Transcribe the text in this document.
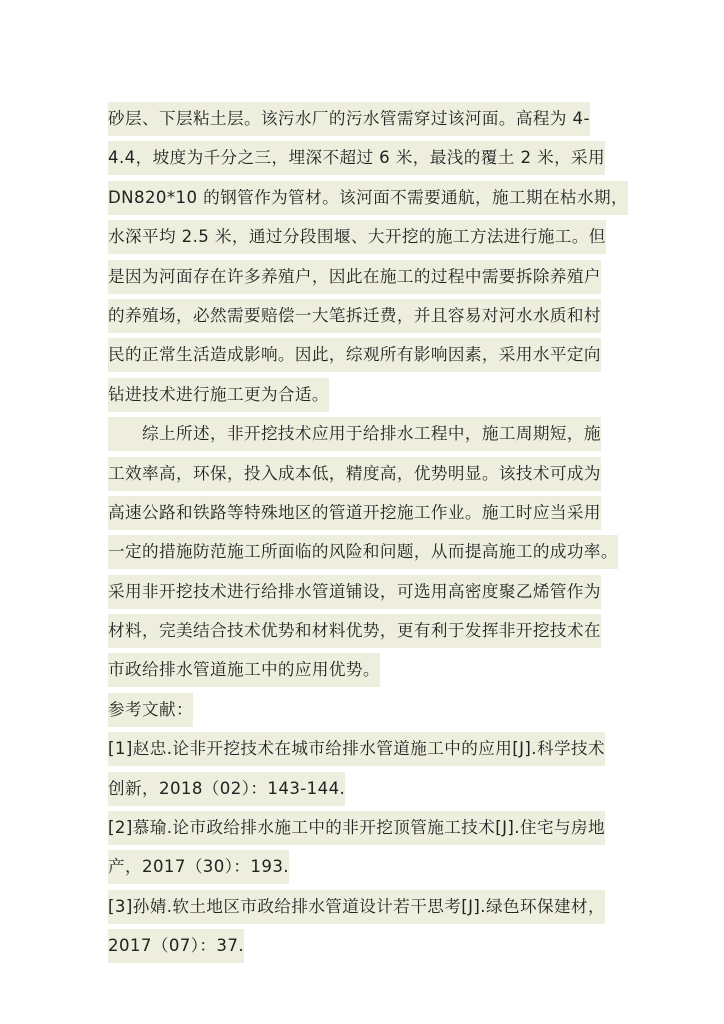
砂层、下层粘土层。该污水厂的污水管需穿过该河面。高程为 4-
4.4，坡度为千分之三，埋深不超过 6 米，最浅的覆土 2 米，采用
DN820*10 的钢管作为管材。该河面不需要通航，施工期在枯水期，
水深平均 2.5 米，通过分段围堰、大开挖的施工方法进行施工。但
是因为河面存在许多养殖户，因此在施工的过程中需要拆除养殖户
的养殖场，必然需要赔偿一大笔拆迁费，并且容易对河水水质和村
民的正常生活造成影响。因此，综观所有影响因素，采用水平定向
钻进技术进行施工更为合适。
　　综上所述，非开挖技术应用于给排水工程中，施工周期短，施
工效率高，环保，投入成本低，精度高，优势明显。该技术可成为
高速公路和铁路等特殊地区的管道开挖施工作业。施工时应当采用
一定的措施防范施工所面临的风险和问题，从而提高施工的成功率。
采用非开挖技术进行给排水管道铺设，可选用高密度聚乙烯管作为
材料，完美结合技术优势和材料优势，更有利于发挥非开挖技术在
市政给排水管道施工中的应用优势。
参考文献：
[1]赵忠.论非开挖技术在城市给排水管道施工中的应用[J].科学技术
创新，2018（02）：143-144.
[2]慕瑜.论市政给排水施工中的非开挖顶管施工技术[J].住宅与房地
产，2017（30）：193.
[3]孙婧.软土地区市政给排水管道设计若干思考[J].绿色环保建材，
2017（07）：37.
